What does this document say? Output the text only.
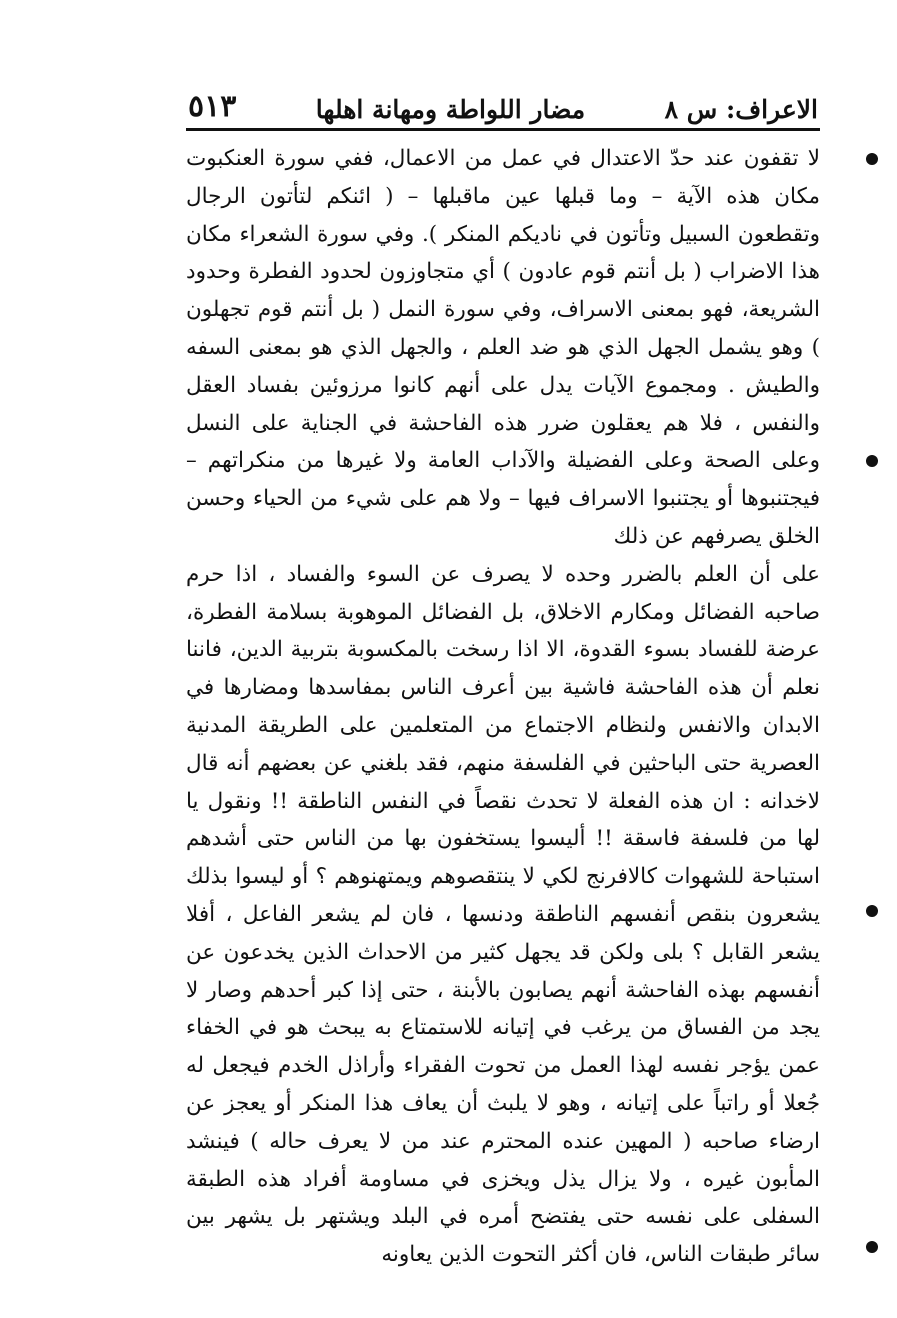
الاعراف: س ٨
مضار اللواطة ومهانة اهلها
٥١٣

لا تقفون عند حدّ الاعتدال في عمل من الاعمال، ففي سورة العنكبوت مكان هذه الآية – وما قبلها عين ماقبلها – ( ائنكم لتأتون الرجال وتقطعون السبيل وتأتون في ناديكم المنكر ). وفي سورة الشعراء مكان هذا الاضراب ( بل أنتم قوم عادون ) أي متجاوزون لحدود الفطرة وحدود الشريعة، فهو بمعنى الاسراف، وفي سورة النمل ( بل أنتم قوم تجهلون ) وهو يشمل الجهل الذي هو ضد العلم ، والجهل الذي هو بمعنى السفه والطيش . ومجموع الآيات يدل على أنهم كانوا مرزوئين بفساد العقل والنفس ، فلا هم يعقلون ضرر هذه الفاحشة في الجناية على النسل وعلى الصحة وعلى الفضيلة والآداب العامة ولا غيرها من منكراتهم – فيجتنبوها أو يجتنبوا الاسراف فيها – ولا هم على شيء من الحياء وحسن الخلق يصرفهم عن ذلك

على أن العلم بالضرر وحده لا يصرف عن السوء والفساد ، اذا حرم صاحبه الفضائل ومكارم الاخلاق، بل الفضائل الموهوبة بسلامة الفطرة، عرضة للفساد بسوء القدوة، الا اذا رسخت بالمكسوبة بتربية الدين، فاننا نعلم أن هذه الفاحشة فاشية بين أعرف الناس بمفاسدها ومضارها في الابدان والانفس ولنظام الاجتماع من المتعلمين على الطريقة المدنية العصرية حتى الباحثين في الفلسفة منهم، فقد بلغني عن بعضهم أنه قال لاخدانه : ان هذه الفعلة لا تحدث نقصاً في النفس الناطقة !! ونقول يا لها من فلسفة فاسقة !! أليسوا يستخفون بها من الناس حتى أشدهم استباحة للشهوات كالافرنج لكي لا ينتقصوهم ويمتهنوهم ؟ أو ليسوا بذلك يشعرون بنقص أنفسهم الناطقة ودنسها ، فان لم يشعر الفاعل ، أفلا يشعر القابل ؟ بلى ولكن قد يجهل كثير من الاحداث الذين يخدعون عن أنفسهم بهذه الفاحشة أنهم يصابون بالأبنة ، حتى إذا كبر أحدهم وصار لا يجد من الفساق من يرغب في إتيانه للاستمتاع به يبحث هو في الخفاء عمن يؤجر نفسه لهذا العمل من تحوت الفقراء وأراذل الخدم فيجعل له جُعلا أو راتباً على إتيانه ، وهو لا يلبث أن يعاف هذا المنكر أو يعجز عن ارضاء صاحبه ( المهين عنده المحترم عند من لا يعرف حاله ) فينشد المأبون غيره ، ولا يزال يذل ويخزى في مساومة أفراد هذه الطبقة السفلى على نفسه حتى يفتضح أمره في البلد ويشتهر بل يشهر بين سائر طبقات الناس، فان أكثر التحوت الذين يعاونه
